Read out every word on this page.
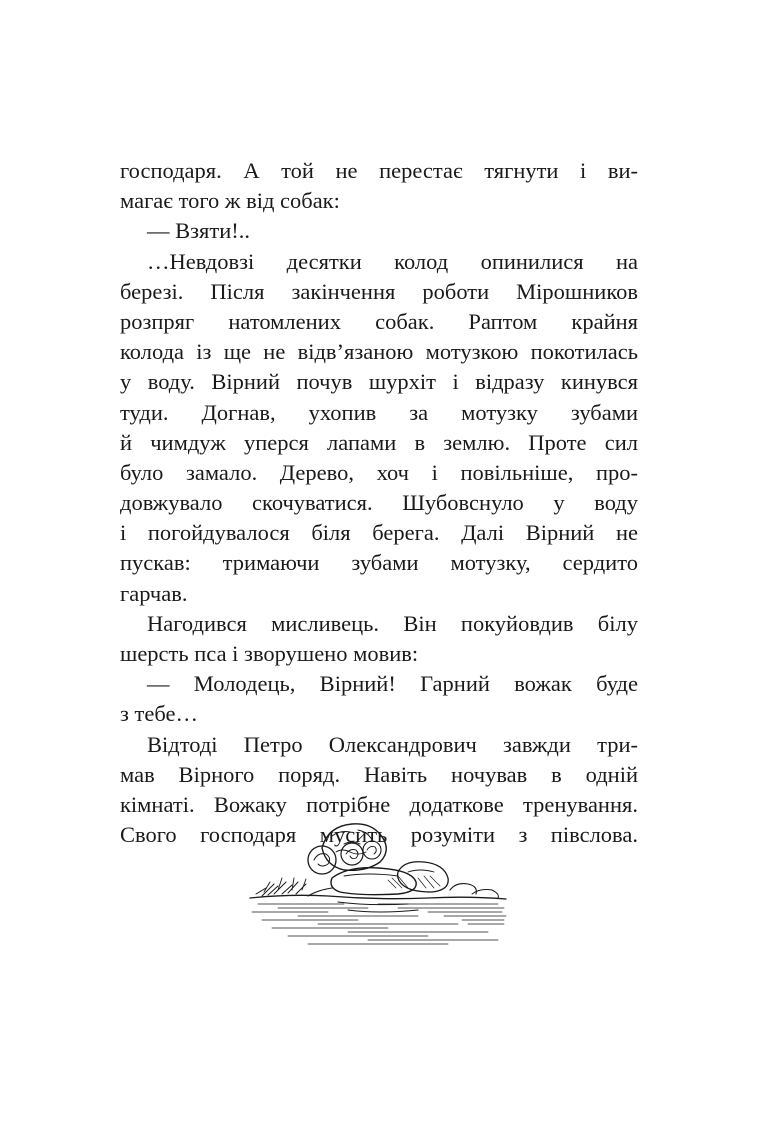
господаря. А той не перестає тягнути і ви-
магає того ж від собак:
— Взяти!..
…Невдовзі десятки колод опинилися на
березі. Після закінчення роботи Мірошников
розпряг натомлених собак. Раптом крайня
колода із ще не відв’язаною мотузкою покотилась
у воду. Вірний почув шурхіт і відразу кинувся
туди. Догнав, ухопив за мотузку зубами
й чимдуж уперся лапами в землю. Проте сил
було замало. Дерево, хоч і повільніше, про-
довжувало скочуватися. Шубовснуло у воду
і погойдувалося біля берега. Далі Вірний не
пускав: тримаючи зубами мотузку, сердито
гарчав.
Нагодився мисливець. Він покуйовдив білу
шерсть пса і зворушено мовив:
— Молодець, Вірний! Гарний вожак буде
з тебе…
Відтоді Петро Олександрович завжди три-
мав Вірного поряд. Навіть ночував в одній
кімнаті. Вожаку потрібне додаткове тренування.
Свого господаря мусить розуміти з півслова.
